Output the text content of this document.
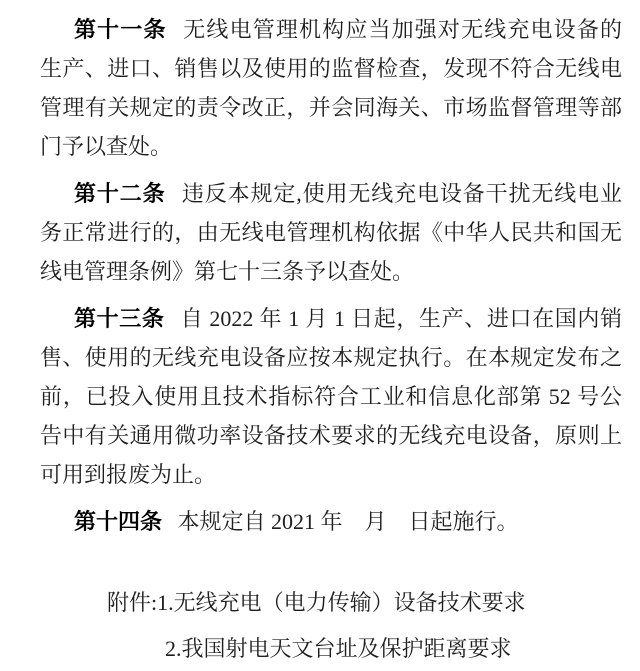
第十一条 无线电管理机构应当加强对无线充电设备的
生产、进口、销售以及使用的监督检查，发现不符合无线电
管理有关规定的责令改正，并会同海关、市场监督管理等部
门予以查处。
第十二条 违反本规定,使用无线充电设备干扰无线电业
务正常进行的，由无线电管理机构依据《中华人民共和国无
线电管理条例》第七十三条予以查处。
第十三条 自 2022 年 1 月 1 日起，生产、进口在国内销
售、使用的无线充电设备应按本规定执行。在本规定发布之
前，已投入使用且技术指标符合工业和信息化部第 52 号公
告中有关通用微功率设备技术要求的无线充电设备，原则上
可用到报废为止。
第十四条 本规定自 2021 年　月　日起施行。
附件:1.无线充电（电力传输）设备技术要求
2.我国射电天文台址及保护距离要求
